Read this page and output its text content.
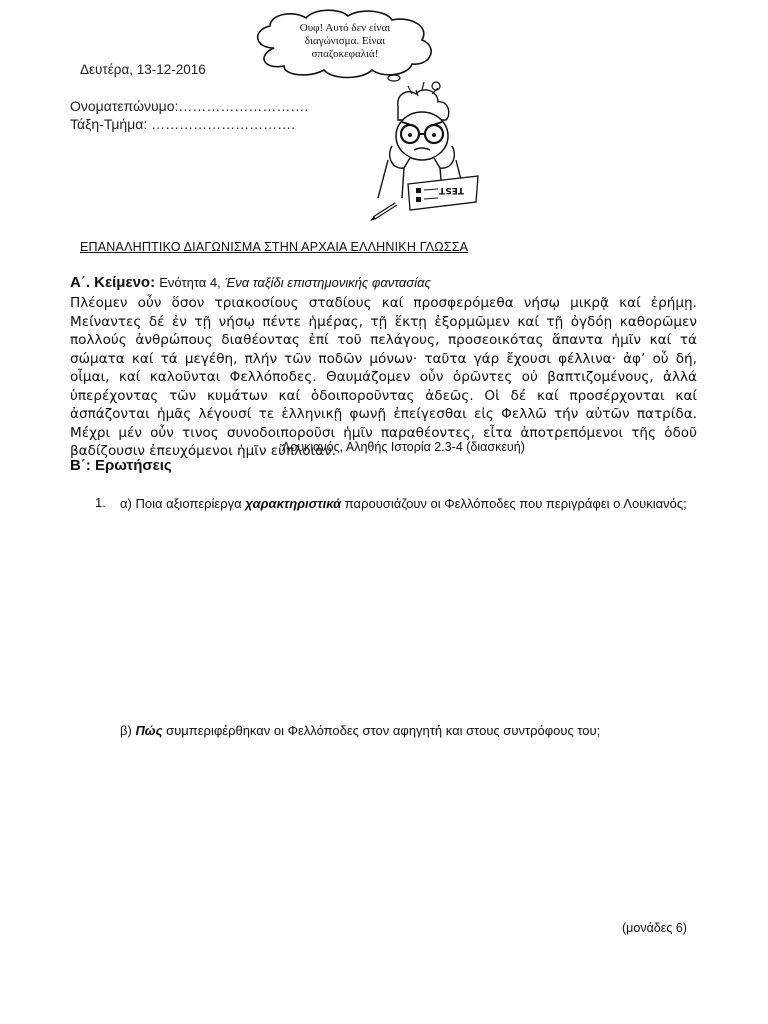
Ουφ! Αυτό δεν είναι
διαγώνισμα. Είναι
σπαζοκεφαλιά!
TEST
Δευτέρα, 13-12-2016
Ονοματεπώνυμο:……………………….
Τάξη-Τμήμα: ………………………….
ΕΠΑΝΑΛΗΠΤΙΚΟ ΔΙΑΓΩΝΙΣΜΑ ΣΤΗΝ ΑΡΧΑΙΑ ΕΛΛΗΝΙΚΗ ΓΛΩΣΣΑ
Α΄. Κείμενο: Ενότητα 4, Ένα ταξίδι επιστημονικής φαντασίας
Πλέομεν οὖν ὅσον τριακοσίους σταδίους καί προσφερόμεθα νήσῳ μικρᾷ καί ἐρήμῃ. Μείναντες δέ ἐν τῇ νήσῳ πέντε ἡμέρας, τῇ ἕκτῃ ἐξορμῶμεν καί τῇ ὀγδόῃ καθορῶμεν πολλούς ἀνθρώπους διαθέοντας ἐπί τοῦ πελάγους, προσεοικότας ἅπαντα ἡμῖν καί τά σώματα καί τά μεγέθη, πλήν τῶν ποδῶν μόνων· ταῦτα γάρ ἔχουσι φέλλινα· ἀφ’ οὗ δή, οἶμαι, καί καλοῦνται Φελλόποδες. Θαυμάζομεν οὖν ὁρῶντες οὐ βαπτιζομένους, ἀλλά ὑπερέχοντας τῶν κυμάτων καί ὁδοιποροῦντας ἀδεῶς. Οἱ δέ καί προσέρχονται καί ἀσπάζονται ἡμᾶς λέγουσί τε ἑλληνικῇ φωνῇ ἐπείγεσθαι εἰς Φελλῶ τήν αὐτῶν πατρίδα. Μέχρι μέν οὖν τινος συνοδοιποροῦσι ἡμῖν παραθέοντες, εἶτα ἀποτρεπόμενοι τῆς ὁδοῦ βαδίζουσιν ἐπευχόμενοι ἡμῖν εὔπλοιαν.
Λουκιανός, Αληθής Ιστορία 2.3-4 (διασκευή)
Β΄: Ερωτήσεις
1. α) Ποια αξιοπερίεργα χαρακτηριστικά παρουσιάζουν οι Φελλόποδες που περιγράφει ο Λουκιανός;
β) Πώς συμπεριφέρθηκαν οι Φελλόποδες στον αφηγητή και στους συντρόφους του;
(μονάδες 6)
